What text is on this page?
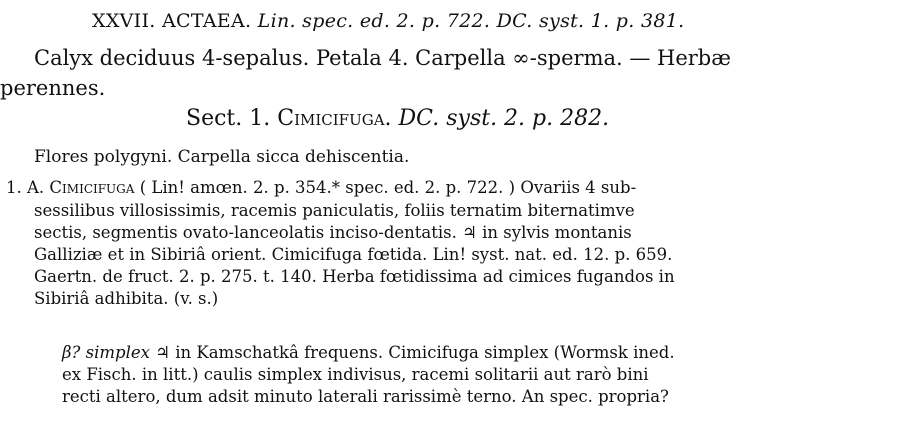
XXVII. ACTAEA. Lin. spec. ed. 2. p. 722. DC. syst. 1. p. 381.
Calyx deciduus 4-sepalus. Petala 4. Carpella ∞-sperma. — Herbæ
perennes.
Sect. 1. Cimicifuga. DC. syst. 2. p. 282.
Flores polygyni. Carpella sicca dehiscentia.
1. A. Cimicifuga ( Lin! amœn. 2. p. 354.* spec. ed. 2. p. 722. ) Ovariis 4 sub-
sessilibus villosissimis, racemis paniculatis, foliis ternatim biternatimve
sectis, segmentis ovato-lanceolatis inciso-dentatis. ♃ in sylvis montanis
Galliziæ et in Sibiriâ orient. Cimicifuga fœtida. Lin! syst. nat. ed. 12. p. 659.
Gaertn. de fruct. 2. p. 275. t. 140. Herba fœtidissima ad cimices fugandos in
Sibiriâ adhibita. (v. s.)
β? simplex ♃ in Kamschatkâ frequens. Cimicifuga simplex (Wormsk ined.
ex Fisch. in litt.) caulis simplex indivisus, racemi solitarii aut rarò bini
recti altero, dum adsit minuto laterali rarissimè terno. An spec. propria?
